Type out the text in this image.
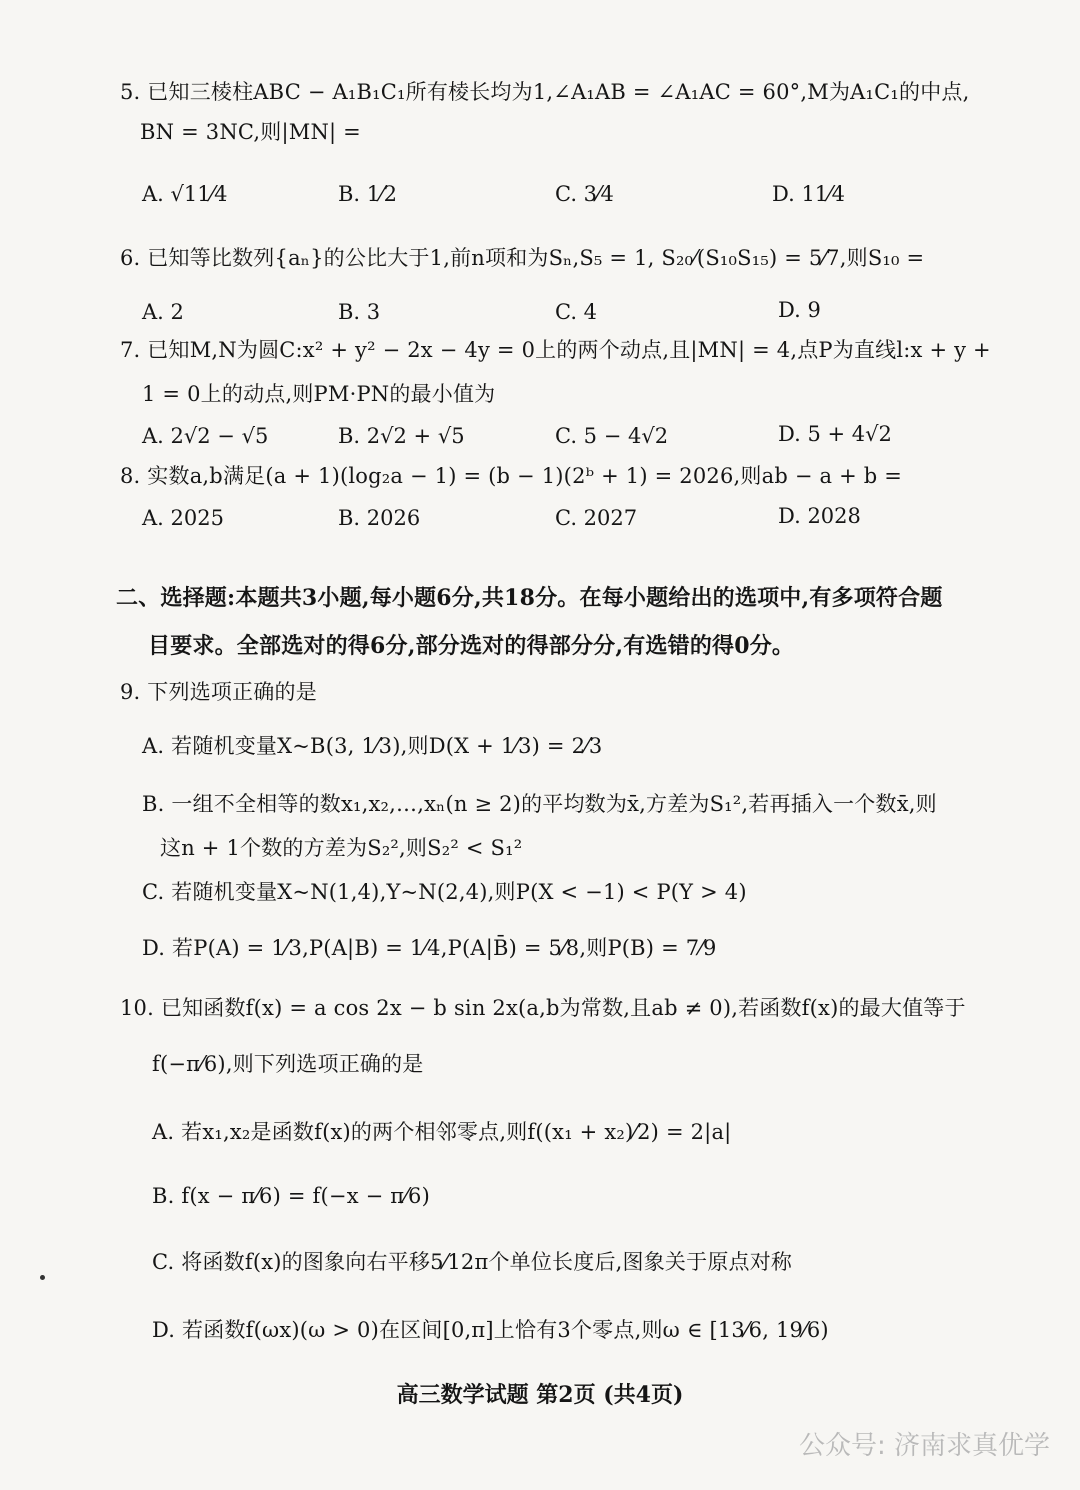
5. 已知三棱柱ABC − A₁B₁C₁所有棱长均为1,∠A₁AB = ∠A₁AC = 60°,M为A₁C₁的中点,
BN = 3NC,则|MN| =
A. √11⁄4	B. 1⁄2	C. 3⁄4	D. 11⁄4
6. 已知等比数列{aₙ}的公比大于1,前n项和为Sₙ,S₅ = 1, S₂₀⁄(S₁₀S₁₅) = 5⁄7,则S₁₀ =
A. 2	B. 3	C. 4	D. 9
7. 已知M,N为圆C:x² + y² − 2x − 4y = 0上的两个动点,且|MN| = 4,点P为直线l:x + y +
1 = 0上的动点,则PM·PN的最小值为
A. 2√2 − √5	B. 2√2 + √5	C. 5 − 4√2	D. 5 + 4√2
8. 实数a,b满足(a + 1)(log₂a − 1) = (b − 1)(2ᵇ + 1) = 2026,则ab − a + b =
A. 2025	B. 2026	C. 2027	D. 2028
二、选择题:本题共3小题,每小题6分,共18分。在每小题给出的选项中,有多项符合题
目要求。全部选对的得6分,部分选对的得部分分,有选错的得0分。
9. 下列选项正确的是
A. 若随机变量X~B(3, 1⁄3),则D(X + 1⁄3) = 2⁄3
B. 一组不全相等的数x₁,x₂,…,xₙ(n ≥ 2)的平均数为x̄,方差为S₁²,若再插入一个数x̄,则
这n + 1个数的方差为S₂²,则S₂² < S₁²
C. 若随机变量X~N(1,4),Y~N(2,4),则P(X < −1) < P(Y > 4)
D. 若P(A) = 1⁄3,P(A|B) = 1⁄4,P(A|B̄) = 5⁄8,则P(B) = 7⁄9
10. 已知函数f(x) = a cos 2x − b sin 2x(a,b为常数,且ab ≠ 0),若函数f(x)的最大值等于
f(−π⁄6),则下列选项正确的是
A. 若x₁,x₂是函数f(x)的两个相邻零点,则f((x₁ + x₂)⁄2) = 2|a|
B. f(x − π⁄6) = f(−x − π⁄6)
C. 将函数f(x)的图象向右平移5⁄12π个单位长度后,图象关于原点对称
D. 若函数f(ωx)(ω > 0)在区间[0,π]上恰有3个零点,则ω ∈ [13⁄6, 19⁄6)
高三数学试题 第2页 (共4页)
公众号: 济南求真优学
